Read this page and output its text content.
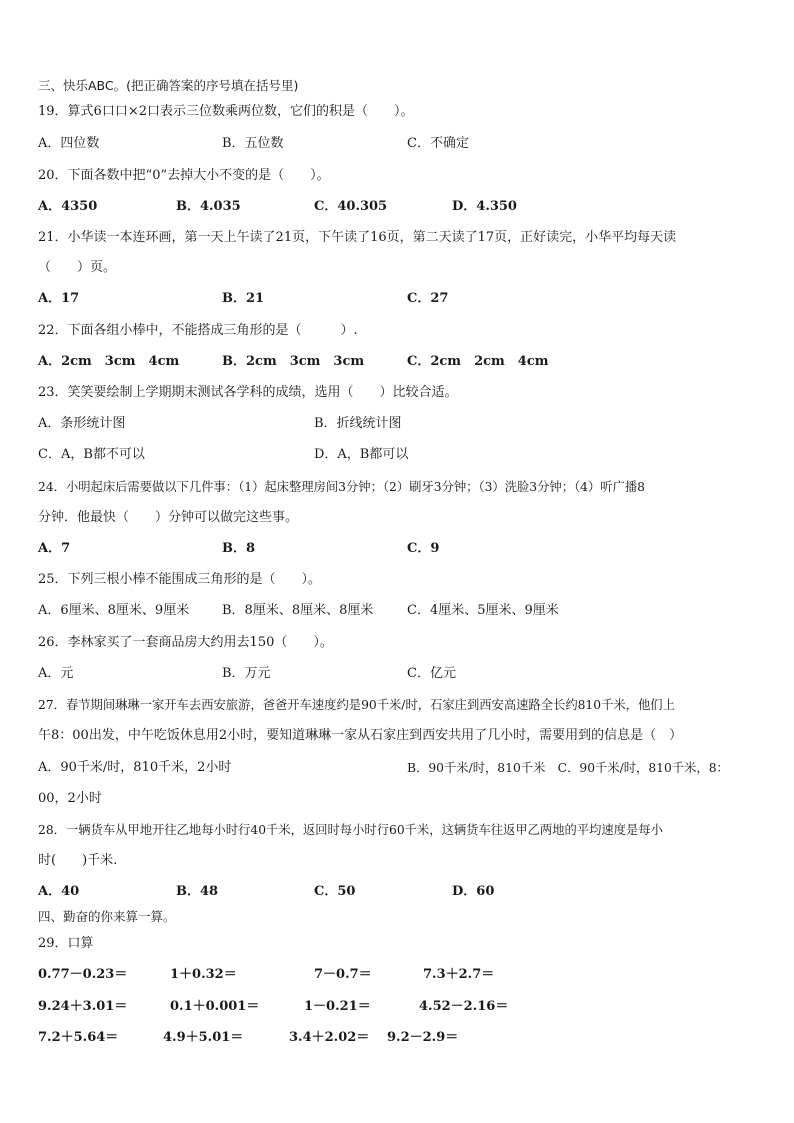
三、快乐ABC。(把正确答案的序号填在括号里)
19．算式6口口×2口表示三位数乘两位数，它们的积是（　　）。
A．四位数	B．五位数	C．不确定
20．下面各数中把“0”去掉大小不变的是（　　）。
A．4350	B．4.035	C．40.305	D．4.350
21．小华读一本连环画，第一天上午读了21页，下午读了16页，第二天读了17页，正好读完，小华平均每天读
（　　）页。
A．17	B．21	C．27
22．下面各组小棒中，不能搭成三角形的是（　　　）.
A．2cm　3cm　4cm	B．2cm　3cm　3cm	C．2cm　2cm　4cm
23．笑笑要绘制上学期期末测试各学科的成绩，选用（　　）比较合适。
A．条形统计图	B．折线统计图
C．A，B都不可以	D．A，B都可以
24．小明起床后需要做以下几件事：（1）起床整理房间3分钟；（2）刷牙3分钟；（3）洗脸3分钟；（4）听广播8
分钟．他最快（　　）分钟可以做完这些事。
A．7	B．8	C．9
25．下列三根小棒不能围成三角形的是（　　）。
A．6厘米、8厘米、9厘米	B．8厘米、8厘米、8厘米	C．4厘米、5厘米、9厘米
26．李林家买了一套商品房大约用去150（　　）。
A．元	B．万元	C．亿元
27．春节期间琳琳一家开车去西安旅游，爸爸开车速度约是90千米/时，石家庄到西安高速路全长约810千米，他们上
午8：00出发，中午吃饭休息用2小时，要知道琳琳一家从石家庄到西安共用了几小时，需要用到的信息是（　）
A．90千米/时，810千米，2小时	B．90千米/时，810千米　C．90千米/时，810千米，8：
00，2小时
28．一辆货车从甲地开往乙地每小时行40千米，返回时每小时行60千米，这辆货车往返甲乙两地的平均速度是每小
时(　　)千米.
A．40	B．48	C．50	D．60
四、勤奋的你来算一算。
29．口算
0.77－0.23＝	1＋0.32＝	7－0.7＝	7.3＋2.7＝
9.24＋3.01＝	0.1＋0.001＝	1－0.21＝	4.52－2.16＝
7.2＋5.64＝	4.9＋5.01＝	3.4＋2.02＝ 9.2－2.9＝
